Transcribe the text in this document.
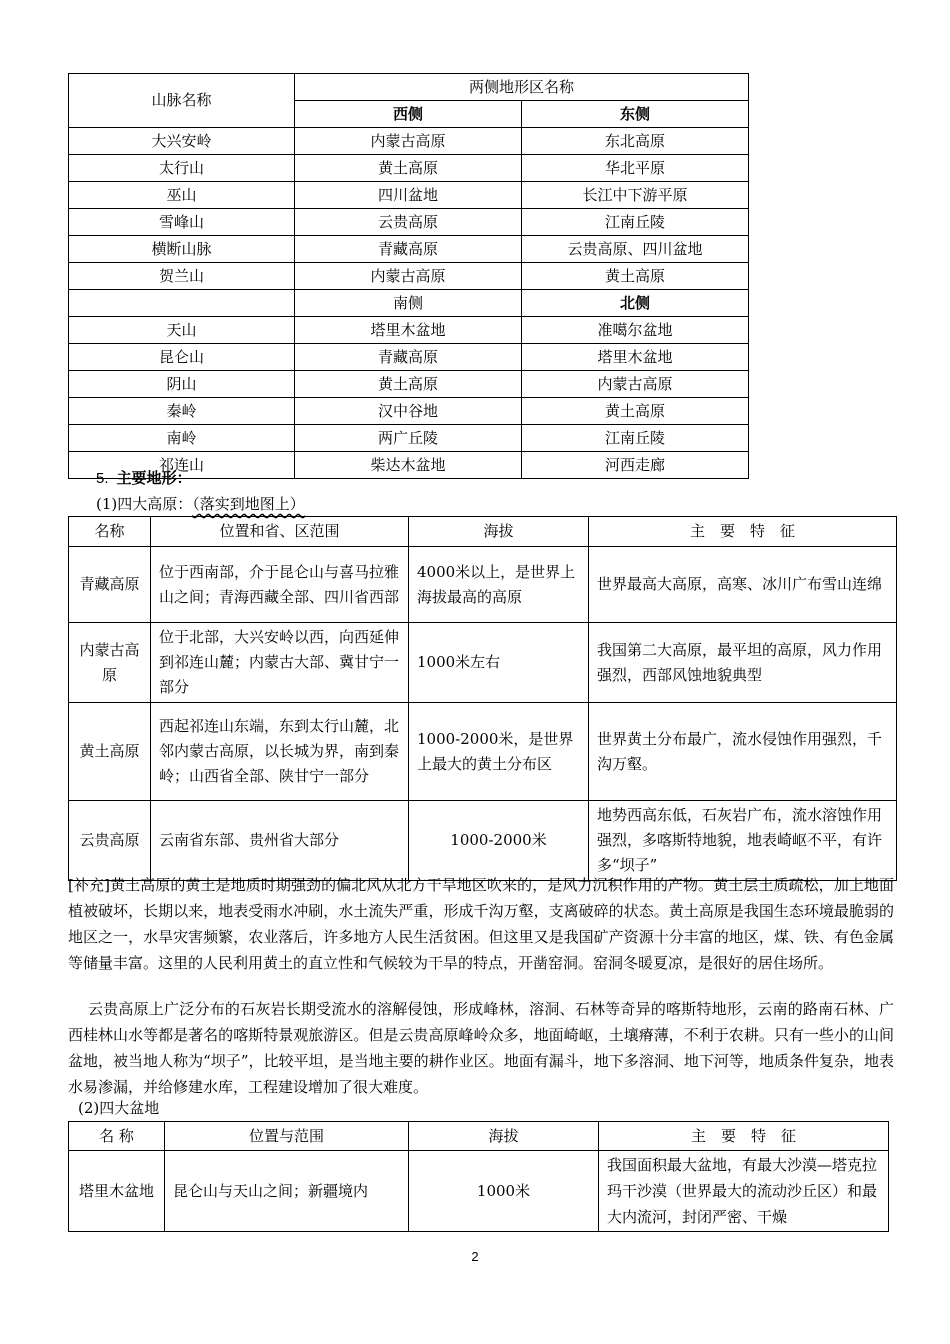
山脉名称	两侧地形区名称	
	西侧	东侧
大兴安岭	内蒙古高原	东北高原
太行山	黄土高原	华北平原
巫山	四川盆地	长江中下游平原
雪峰山	云贵高原	江南丘陵
横断山脉	青藏高原	云贵高原、四川盆地
贺兰山	内蒙古高原	黄土高原
	南侧	北侧
天山	塔里木盆地	准噶尔盆地
昆仑山	青藏高原	塔里木盆地
阴山	黄土高原	内蒙古高原
秦岭	汉中谷地	黄土高原
南岭	两广丘陵	江南丘陵
祁连山	柴达木盆地	河西走廊
5. 主要地形：
(1)四大高原：（落实到地图上）
名称	位置和省、区范围	海拔	主　要　特　征
青藏高原	位于西南部，介于昆仑山与喜马拉雅山之间；青海西藏全部、四川省西部	4000米以上，是世界上海拔最高的高原	世界最高大高原，高寒、冰川广布雪山连绵
内蒙古高原	位于北部，大兴安岭以西，向西延伸到祁连山麓；内蒙古大部、冀甘宁一部分	1000米左右	我国第二大高原，最平坦的高原，风力作用强烈，西部风蚀地貌典型
黄土高原	西起祁连山东端，东到太行山麓，北邻内蒙古高原，以长城为界，南到秦岭；山西省全部、陕甘宁一部分	1000-2000米，是世界上最大的黄土分布区	世界黄土分布最广，流水侵蚀作用强烈，千沟万壑。
云贵高原	云南省东部、贵州省大部分	1000-2000米	地势西高东低，石灰岩广布，流水溶蚀作用强烈，多喀斯特地貌，地表崎岖不平，有许多“坝子”
[补充]黄土高原的黄土是地质时期强劲的偏北风从北方干旱地区吹来的，是风力沉积作用的产物。黄土层土质疏松，加上地面植被破坏，长期以来，地表受雨水冲刷，水土流失严重，形成千沟万壑，支离破碎的状态。黄土高原是我国生态环境最脆弱的地区之一，水旱灾害频繁，农业落后，许多地方人民生活贫困。但这里又是我国矿产资源十分丰富的地区，煤、铁、有色金属等储量丰富。这里的人民利用黄土的直立性和气候较为干旱的特点，开凿窑洞。窑洞冬暖夏凉，是很好的居住场所。
云贵高原上广泛分布的石灰岩长期受流水的溶解侵蚀，形成峰林，溶洞、石林等奇异的喀斯特地形，云南的路南石林、广西桂林山水等都是著名的喀斯特景观旅游区。但是云贵高原峰岭众多，地面崎岖，土壤瘠薄，不利于农耕。只有一些小的山间盆地，被当地人称为“坝子”，比较平坦，是当地主要的耕作业区。地面有漏斗，地下多溶洞、地下河等，地质条件复杂，地表水易渗漏，并给修建水库，工程建设增加了很大难度。
(2)四大盆地
名 称	位置与范围	海拔	主　要　特　征
塔里木盆地	昆仑山与天山之间；新疆境内	1000米	我国面积最大盆地，有最大沙漠—塔克拉玛干沙漠（世界最大的流动沙丘区）和最大内流河，封闭严密、干燥
2
